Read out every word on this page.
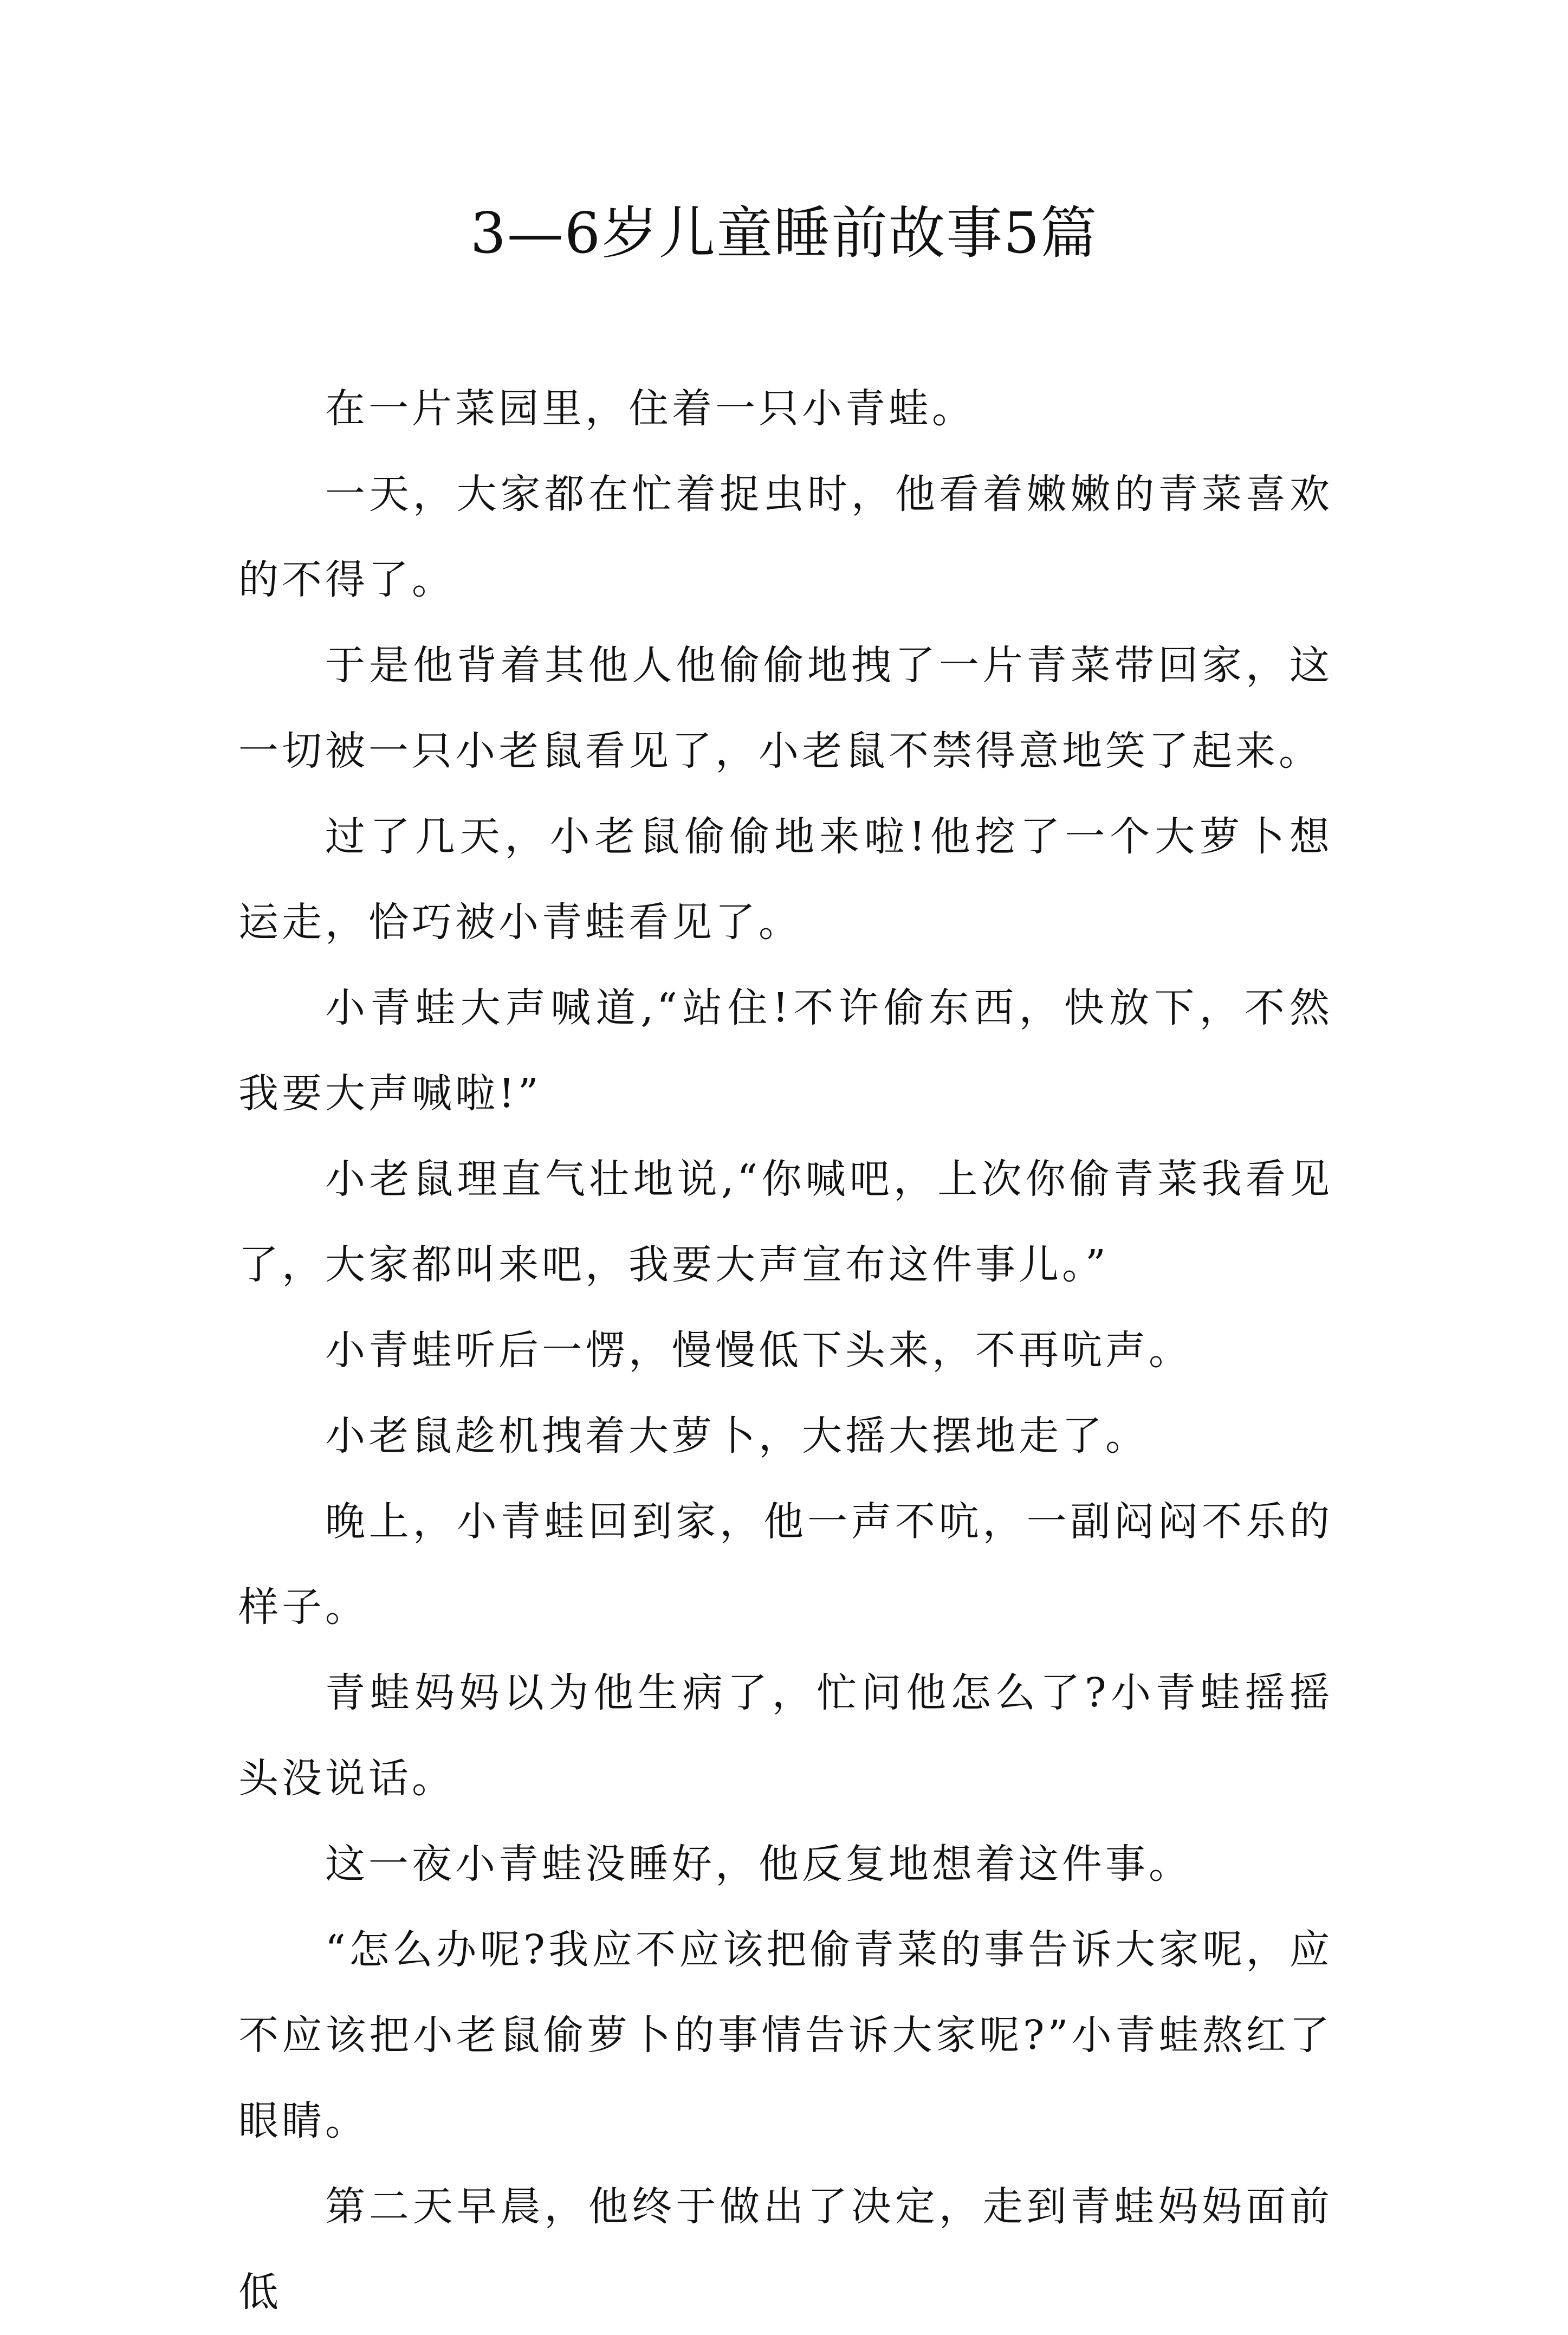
3—6岁儿童睡前故事5篇

在一片菜园里，住着一只小青蛙。

一天，大家都在忙着捉虫时，他看着嫩嫩的青菜喜欢的不得了。

于是他背着其他人他偷偷地拽了一片青菜带回家，这一切被一只小老鼠看见了，小老鼠不禁得意地笑了起来。

过了几天，小老鼠偷偷地来啦!他挖了一个大萝卜想运走，恰巧被小青蛙看见了。

小青蛙大声喊道,“站住!不许偷东西，快放下，不然我要大声喊啦!”

小老鼠理直气壮地说,“你喊吧，上次你偷青菜我看见了，大家都叫来吧，我要大声宣布这件事儿。”

小青蛙听后一愣，慢慢低下头来，不再吭声。

小老鼠趁机拽着大萝卜，大摇大摆地走了。

晚上，小青蛙回到家，他一声不吭，一副闷闷不乐的样子。

青蛙妈妈以为他生病了，忙问他怎么了?小青蛙摇摇头没说话。

这一夜小青蛙没睡好，他反复地想着这件事。

“怎么办呢?我应不应该把偷青菜的事告诉大家呢，应不应该把小老鼠偷萝卜的事情告诉大家呢?”小青蛙熬红了眼睛。

第二天早晨，他终于做出了决定，走到青蛙妈妈面前低
